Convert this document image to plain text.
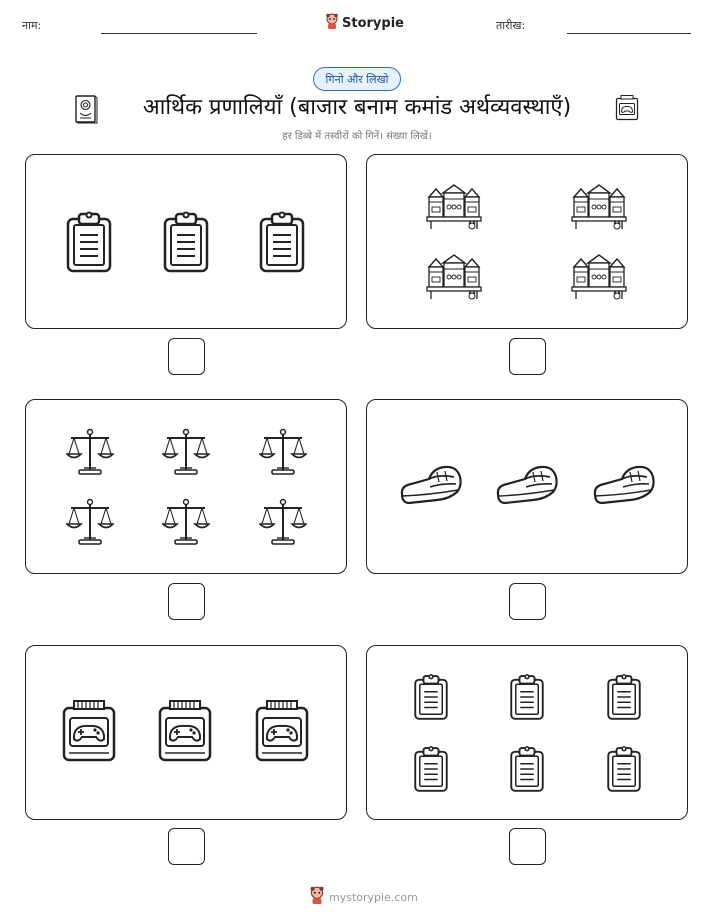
नाम:	Storypie	तारीख:
गिनो और लिखो
आर्थिक प्रणालियाँ (बाजार बनाम कमांड अर्थव्यवस्थाएँ)
हर डिब्बे में तस्वीरों को गिनें। संख्या लिखें।
mystorypie.com
